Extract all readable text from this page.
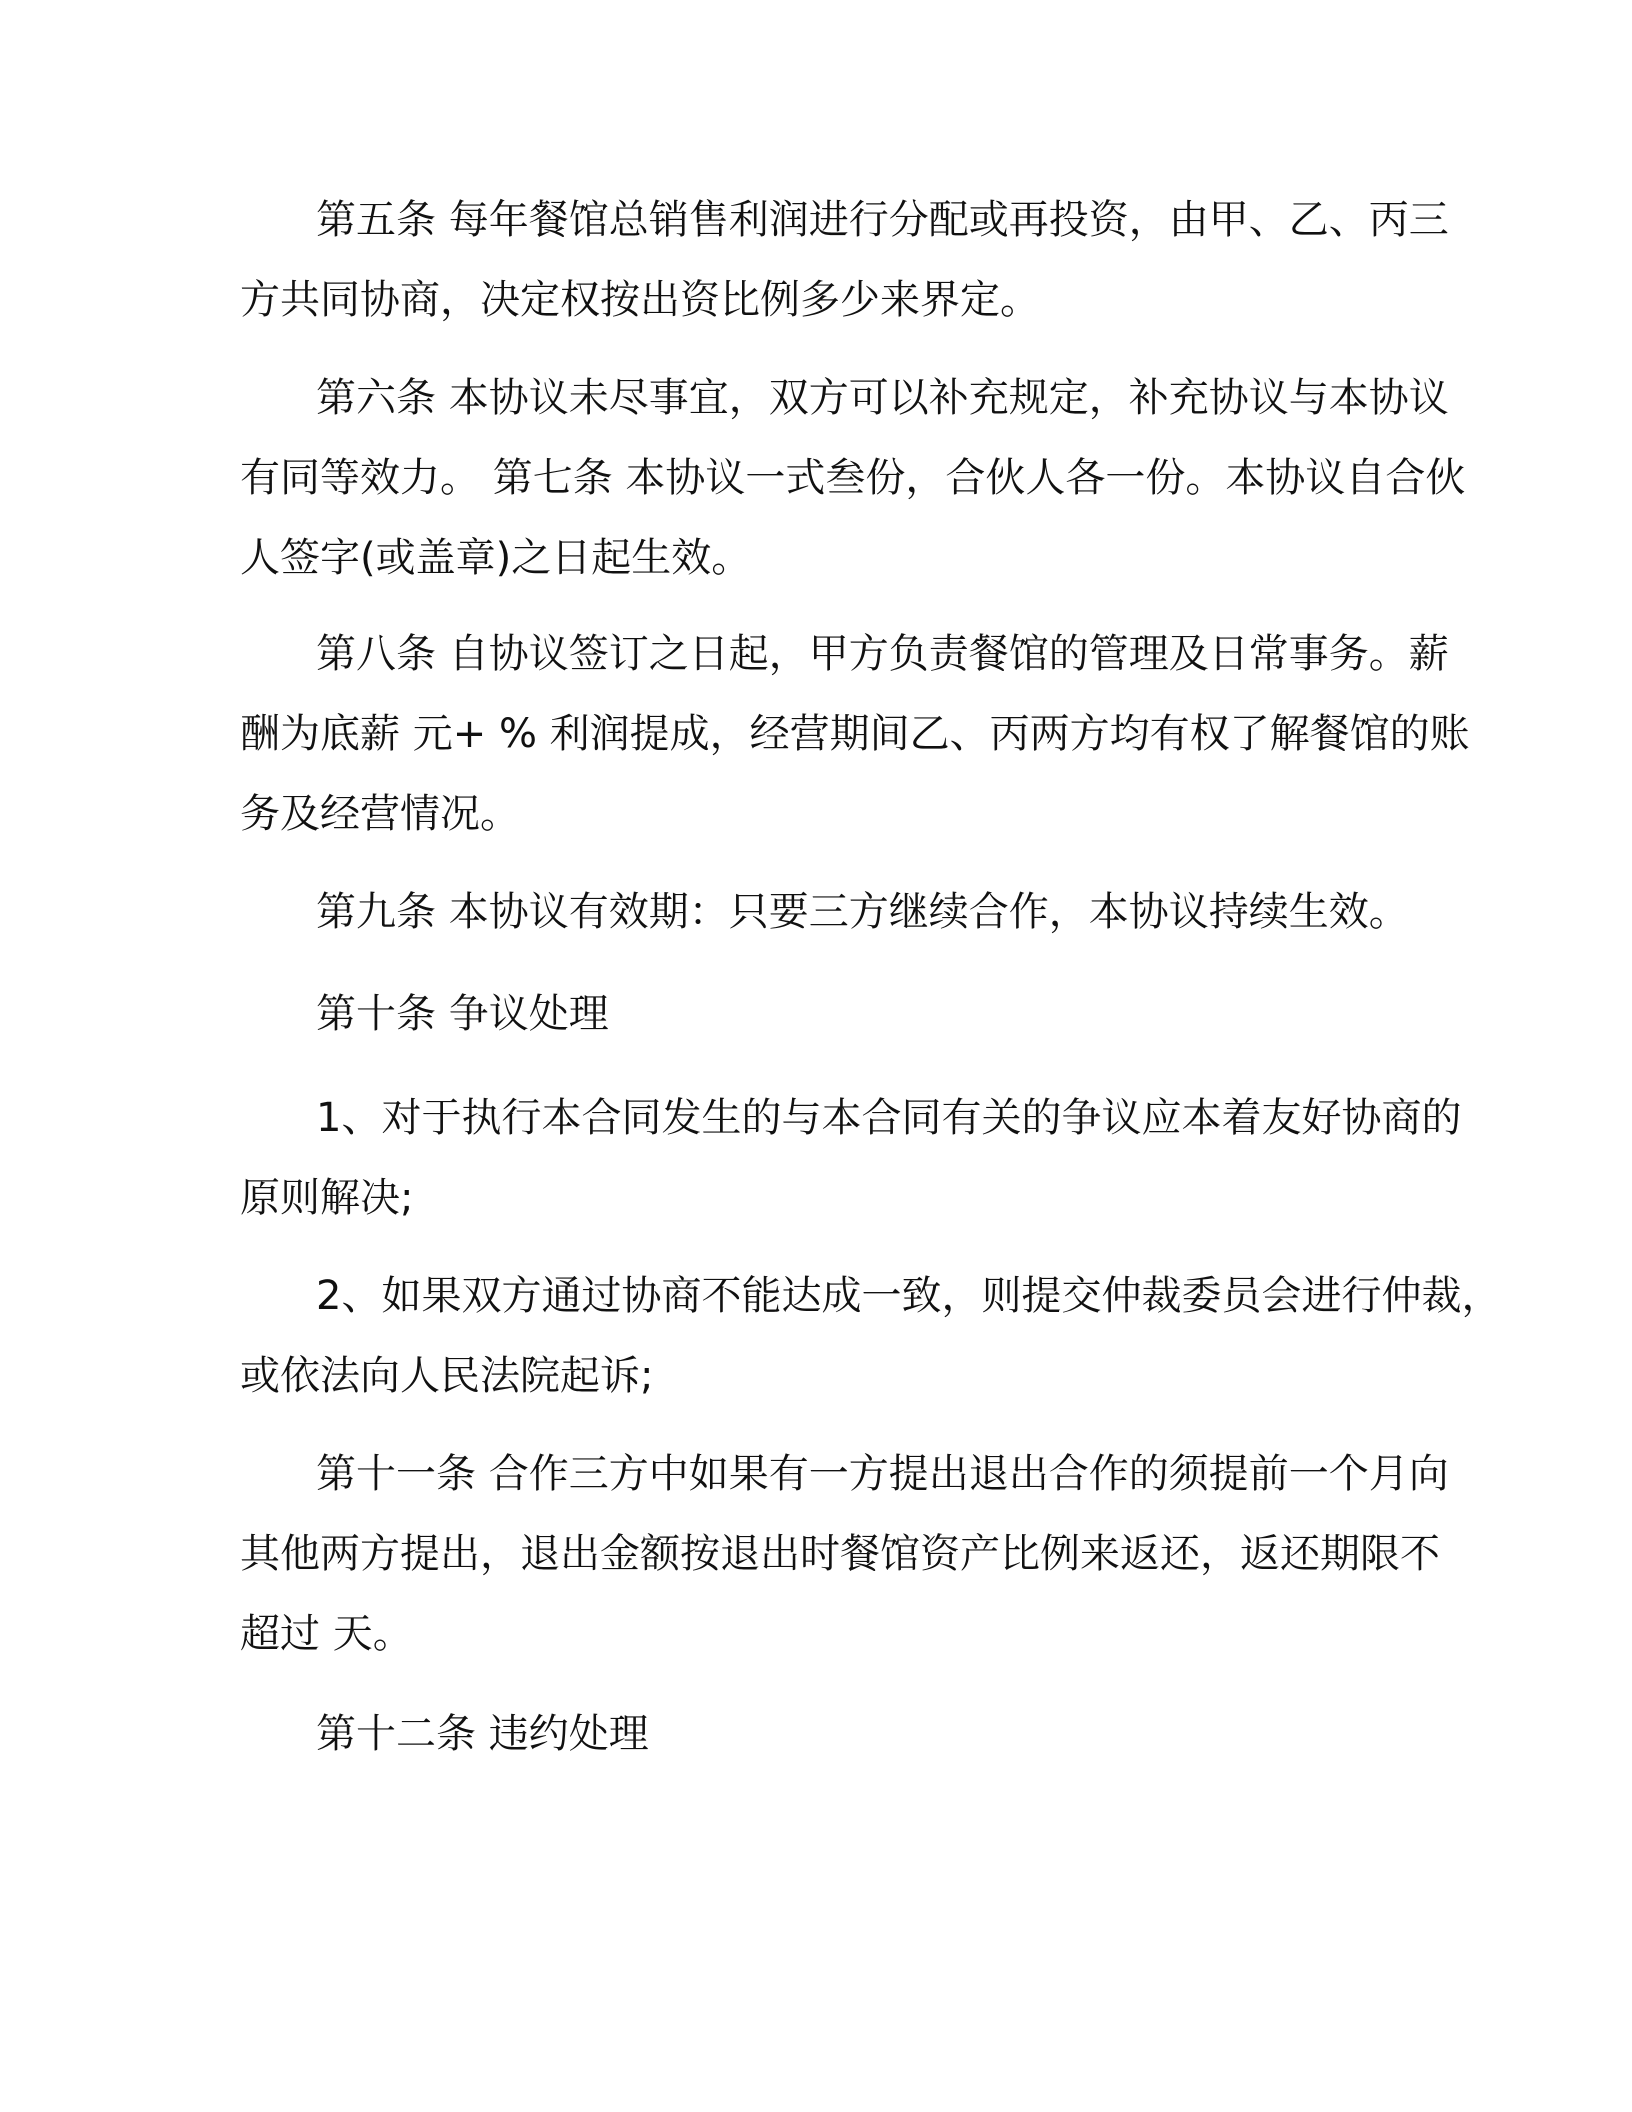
第五条 每年餐馆总销售利润进行分配或再投资，由甲、乙、丙三
方共同协商，决定权按出资比例多少来界定。

第六条 本协议未尽事宜，双方可以补充规定，补充协议与本协议
有同等效力。 第七条 本协议一式叁份，合伙人各一份。本协议自合伙
人签字(或盖章)之日起生效。

第八条 自协议签订之日起，甲方负责餐馆的管理及日常事务。薪
酬为底薪 元+ % 利润提成，经营期间乙、丙两方均有权了解餐馆的账
务及经营情况。

第九条 本协议有效期：只要三方继续合作，本协议持续生效。

第十条 争议处理

1、对于执行本合同发生的与本合同有关的争议应本着友好协商的
原则解决;

2、如果双方通过协商不能达成一致，则提交仲裁委员会进行仲裁，
或依法向人民法院起诉;

第十一条 合作三方中如果有一方提出退出合作的须提前一个月向
其他两方提出，退出金额按退出时餐馆资产比例来返还，返还期限不
超过 天。

第十二条 违约处理
